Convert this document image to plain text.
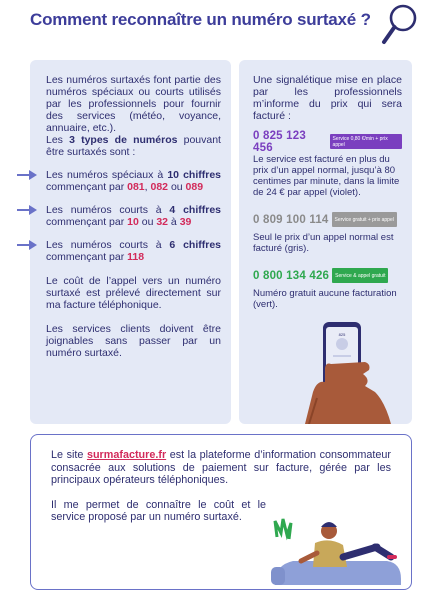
Comment reconnaître un numéro surtaxé ?
Les numéros surtaxés font partie des numéros spéciaux ou courts utilisés par les professionnels pour fournir des services (météo, voyance, annuaire, etc.).
Les 3 types de numéros pouvant être surtaxés sont :
Les numéros spéciaux à 10 chiffres commençant par 081, 082 ou 089
Les numéros courts à 4 chiffres commençant par 10 ou 32 à 39
Les numéros courts à 6 chiffres commençant par 118
Le coût de l’appel vers un numéro surtaxé est prélevé directement sur ma facture téléphonique.
Les services clients doivent être joignables sans passer par un numéro surtaxé.
Une signalétique mise en place par les professionnels m’informe du prix qui sera facturé :
0 825 123 456
Service 0,80 €/min + prix appel
Le service est facturé en plus du prix d’un appel normal, jusqu’à 80 centimes par minute, dans la limite de 24 € par appel (violet).
0 809 100 114	Service gratuit + prix appel
Seul le prix d’un appel normal est facturé (gris).
0 800 134 426	Service & appel gratuit
Numéro gratuit aucune facturation (vert).
825
Le site surmafacture.fr est la plateforme d’information consommateur consacrée aux solutions de paiement sur facture, gérée par les principaux opérateurs téléphoniques.
Il me permet de connaître le coût et le service proposé par un numéro surtaxé.
